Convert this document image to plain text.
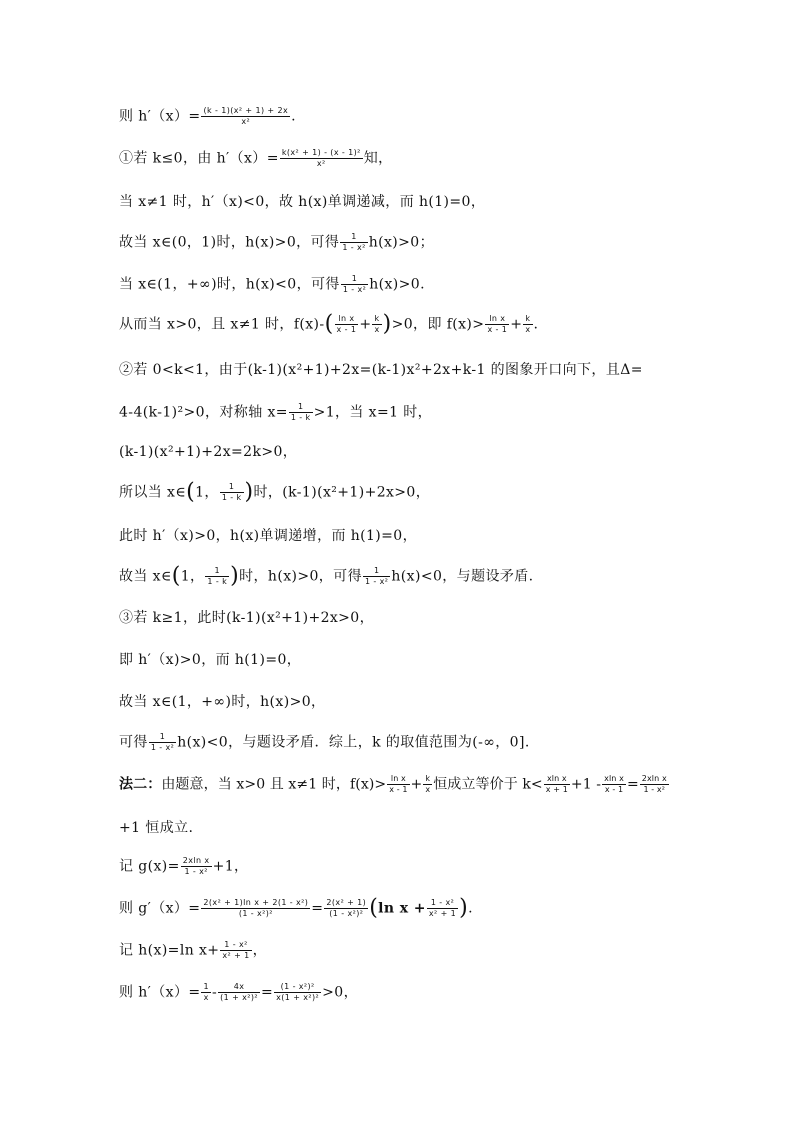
则 $h'(x)= \frac{\text{(k - 1)(x² + 1) + 2x}}{\text{x²}}$ .
①若 k≤0，由 $h'(x)= \frac{\text{k(x² + 1) - (x - 1)²}}{\text{x²}}$ 知，
当 x≠1 时，h′（x)<0，故 h(x)单调递减，而 h(1)=0，
故当 x∈(0，1)时，h(x)>0，可得 $\frac{1}{\text{1 - x²}} h(x)>0$；
当 x∈(1，+∞)时，h(x)<0，可得 $\frac{1}{\text{1 - x²}} h(x)>0$.
从而当 x>0，且 x≠1 时，$f(x)-( \frac{\text{ln x}}{x - 1} + \frac{k}{x} )>0$，即 $f(x)> \frac{\text{ln x}}{x - 1} + \frac{k}{x}$ .
②若 0<k<1，由于(k-1)(x²+1)+2x=(k-1)x²+2x+k-1 的图象开口向下，且Δ=
4-4(k-1)²>0，对称轴 $x= \frac{1}{1 - k} >1$，当 x=1 时，
(k-1)(x²+1)+2x=2k>0，
所以当 x∈(1， $\frac{1}{1 - k}$ )时，(k-1)(x²+1)+2x>0，
此时 h′（x)>0，h(x)单调递增，而 h(1)=0，
故当 x∈(1， $\frac{1}{1 - k}$ )时，h(x)>0，可得 $\frac{1}{\text{1 - x²}} h(x)<0$，与题设矛盾.
③若 k≥1，此时(k-1)(x²+1)+2x>0，
即 h′（x)>0，而 h(1)=0，
故当 x∈(1，+∞)时，h(x)>0，
可得 $\frac{1}{\text{1 - x²}} h(x)<0$，与题设矛盾．综上，k 的取值范围为(-∞，0].
法二：由题意，当 x>0 且 x≠1 时，$f(x)> \frac{\text{ln x}}{x - 1} + \frac{k}{x}$ 恒成立等价于 $k< \frac{\text{xln x}}{x + 1} +1 - \frac{\text{xln x}}{x - 1} = \frac{\text{2xln x}}{\text{1 - x²}}$
+1 恒成立.
记 $g(x)= \frac{\text{2xln x}}{\text{1 - x²}} +1$，
则 $g'(x)= \frac{\text{2(x² + 1)ln x + 2(1 - x²)}}{\text{(1 - x²)²}} = \frac{\text{2(x² + 1)}}{\text{(1 - x²)²}} (\ln$ $x + \frac{\text{1 - x²}}{\text{x² + 1}}$ ).
记 h(x)=ln $x+ \frac{\text{1 - x²}}{\text{x² + 1}}$ ，
则 $h'(x)= \frac{1}{x} - \frac{4x}{\text{(1 + x²)²}} = \frac{\text{(1 - x²)²}}{\text{x(1 + x²)²}} >0$，
